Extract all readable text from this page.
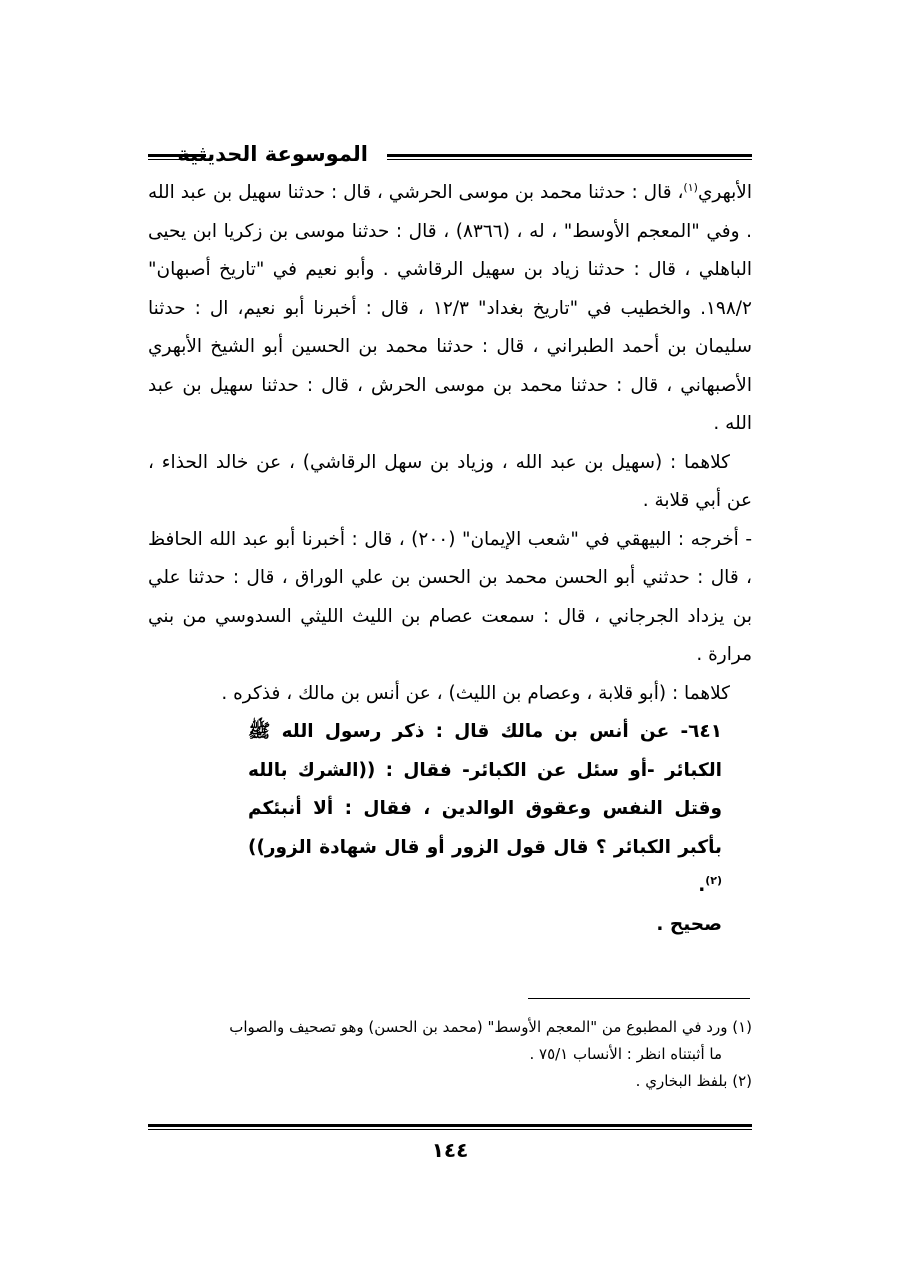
الموسوعة الحديثية

الأبهري$^{(١)}$، قال : حدثنا محمد بن موسى الحرشي ، قال : حدثنا سهيل بن عبد الله . وفي "المعجم الأوسط" ، له ، (٨٣٦٦) ، قال : حدثنا موسى بن زكريا ابن يحيى الباهلي ، قال : حدثنا زياد بن سهيل الرقاشي . وأبو نعيم في "تاريخ أصبهان" ١٩٨/٢. والخطيب في "تاريخ بغداد" ١٢/٣ ، قال : أخبرنا أبو نعيم، ال : حدثنا سليمان بن أحمد الطبراني ، قال : حدثنا محمد بن الحسين أبو الشيخ الأبهري الأصبهاني ، قال : حدثنا محمد بن موسى الحرش ، قال : حدثنا سهيل بن عبد الله .

كلاهما : (سهيل بن عبد الله ، وزياد بن سهل الرقاشي) ، عن خالد الحذاء ، عن أبي قلابة .

- أخرجه : البيهقي في "شعب الإيمان" (٢٠٠) ، قال : أخبرنا أبو عبد الله الحافظ ، قال : حدثني أبو الحسن محمد بن الحسن بن علي الوراق ، قال : حدثنا علي بن يزداد الجرجاني ، قال : سمعت عصام بن الليث الليثي السدوسي من بني مرارة .

كلاهما : (أبو قلابة ، وعصام بن الليث) ، عن أنس بن مالك ، فذكره .

٦٤١- عن أنس بن مالك قال : ذكر رسول الله ﷺ الكبائر -أو سئل عن الكبائر- فقال : ((الشرك بالله وقتل النفس وعقوق الوالدين ، فقال : ألا أنبئكم بأكبر الكبائر ؟ قال قول الزور أو قال شهادة الزور))$^{(٢)}$.

صحيح .

(١) ورد في المطبوع من "المعجم الأوسط" (محمد بن الحسن) وهو تصحيف والصواب

ما أثبتناه انظر : الأنساب ٧٥/١ .

(٢) بلفظ البخاري .

١٤٤
